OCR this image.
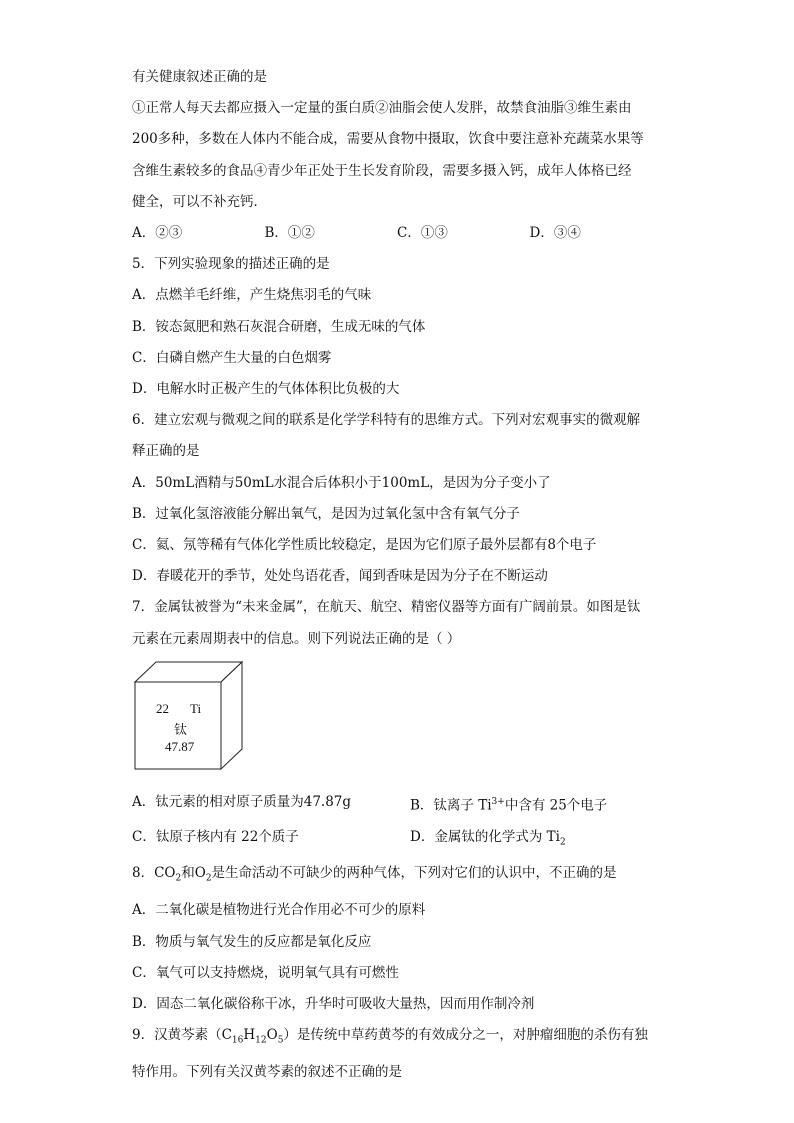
有关健康叙述正确的是
①正常人每天去都应摄入一定量的蛋白质②油脂会使人发胖，故禁食油脂③维生素由
200多种，多数在人体内不能合成，需要从食物中摄取，饮食中要注意补充蔬菜水果等
含维生素较多的食品④青少年正处于生长发育阶段，需要多摄入钙，成年人体格已经
健全，可以不补充钙．
A．②③	B．①②	C．①③	D．③④
5．下列实验现象的描述正确的是
A．点燃羊毛纤维，产生烧焦羽毛的气味
B．铵态氮肥和熟石灰混合研磨，生成无味的气体
C．白磷自燃产生大量的白色烟雾
D．电解水时正极产生的气体体积比负极的大
6．建立宏观与微观之间的联系是化学学科特有的思维方式。下列对宏观事实的微观解
释正确的是
A．50mL酒精与50mL水混合后体积小于100mL，是因为分子变小了
B．过氧化氢溶液能分解出氧气，是因为过氧化氢中含有氧气分子
C．氦、氖等稀有气体化学性质比较稳定，是因为它们原子最外层都有8个电子
D．春暖花开的季节，处处鸟语花香，闻到香味是因为分子在不断运动
7．金属钛被誉为“未来金属”，在航天、航空、精密仪器等方面有广阔前景。如图是钛
元素在元素周期表中的信息。则下列说法正确的是（ ）
22 Ti
钛
47.87
A．钛元素的相对原子质量为47.87g	B．钛离子 $Ti^{3+}$中含有 25个电子
C．钛原子核内有 22个质子	D．金属钛的化学式为 $Ti_2$
8．$CO_2$和$O_2$是生命活动不可缺少的两种气体，下列对它们的认识中，不正确的是
A．二氧化碳是植物进行光合作用必不可少的原料
B．物质与氧气发生的反应都是氧化反应
C．氧气可以支持燃烧，说明氧气具有可燃性
D．固态二氧化碳俗称干冰，升华时可吸收大量热，因而用作制冷剂
9．汉黄芩素$(C_{16}H_{12}O_5)$是传统中草药黄芩的有效成分之一，对肿瘤细胞的杀伤有独
特作用。下列有关汉黄芩素的叙述不正确的是
